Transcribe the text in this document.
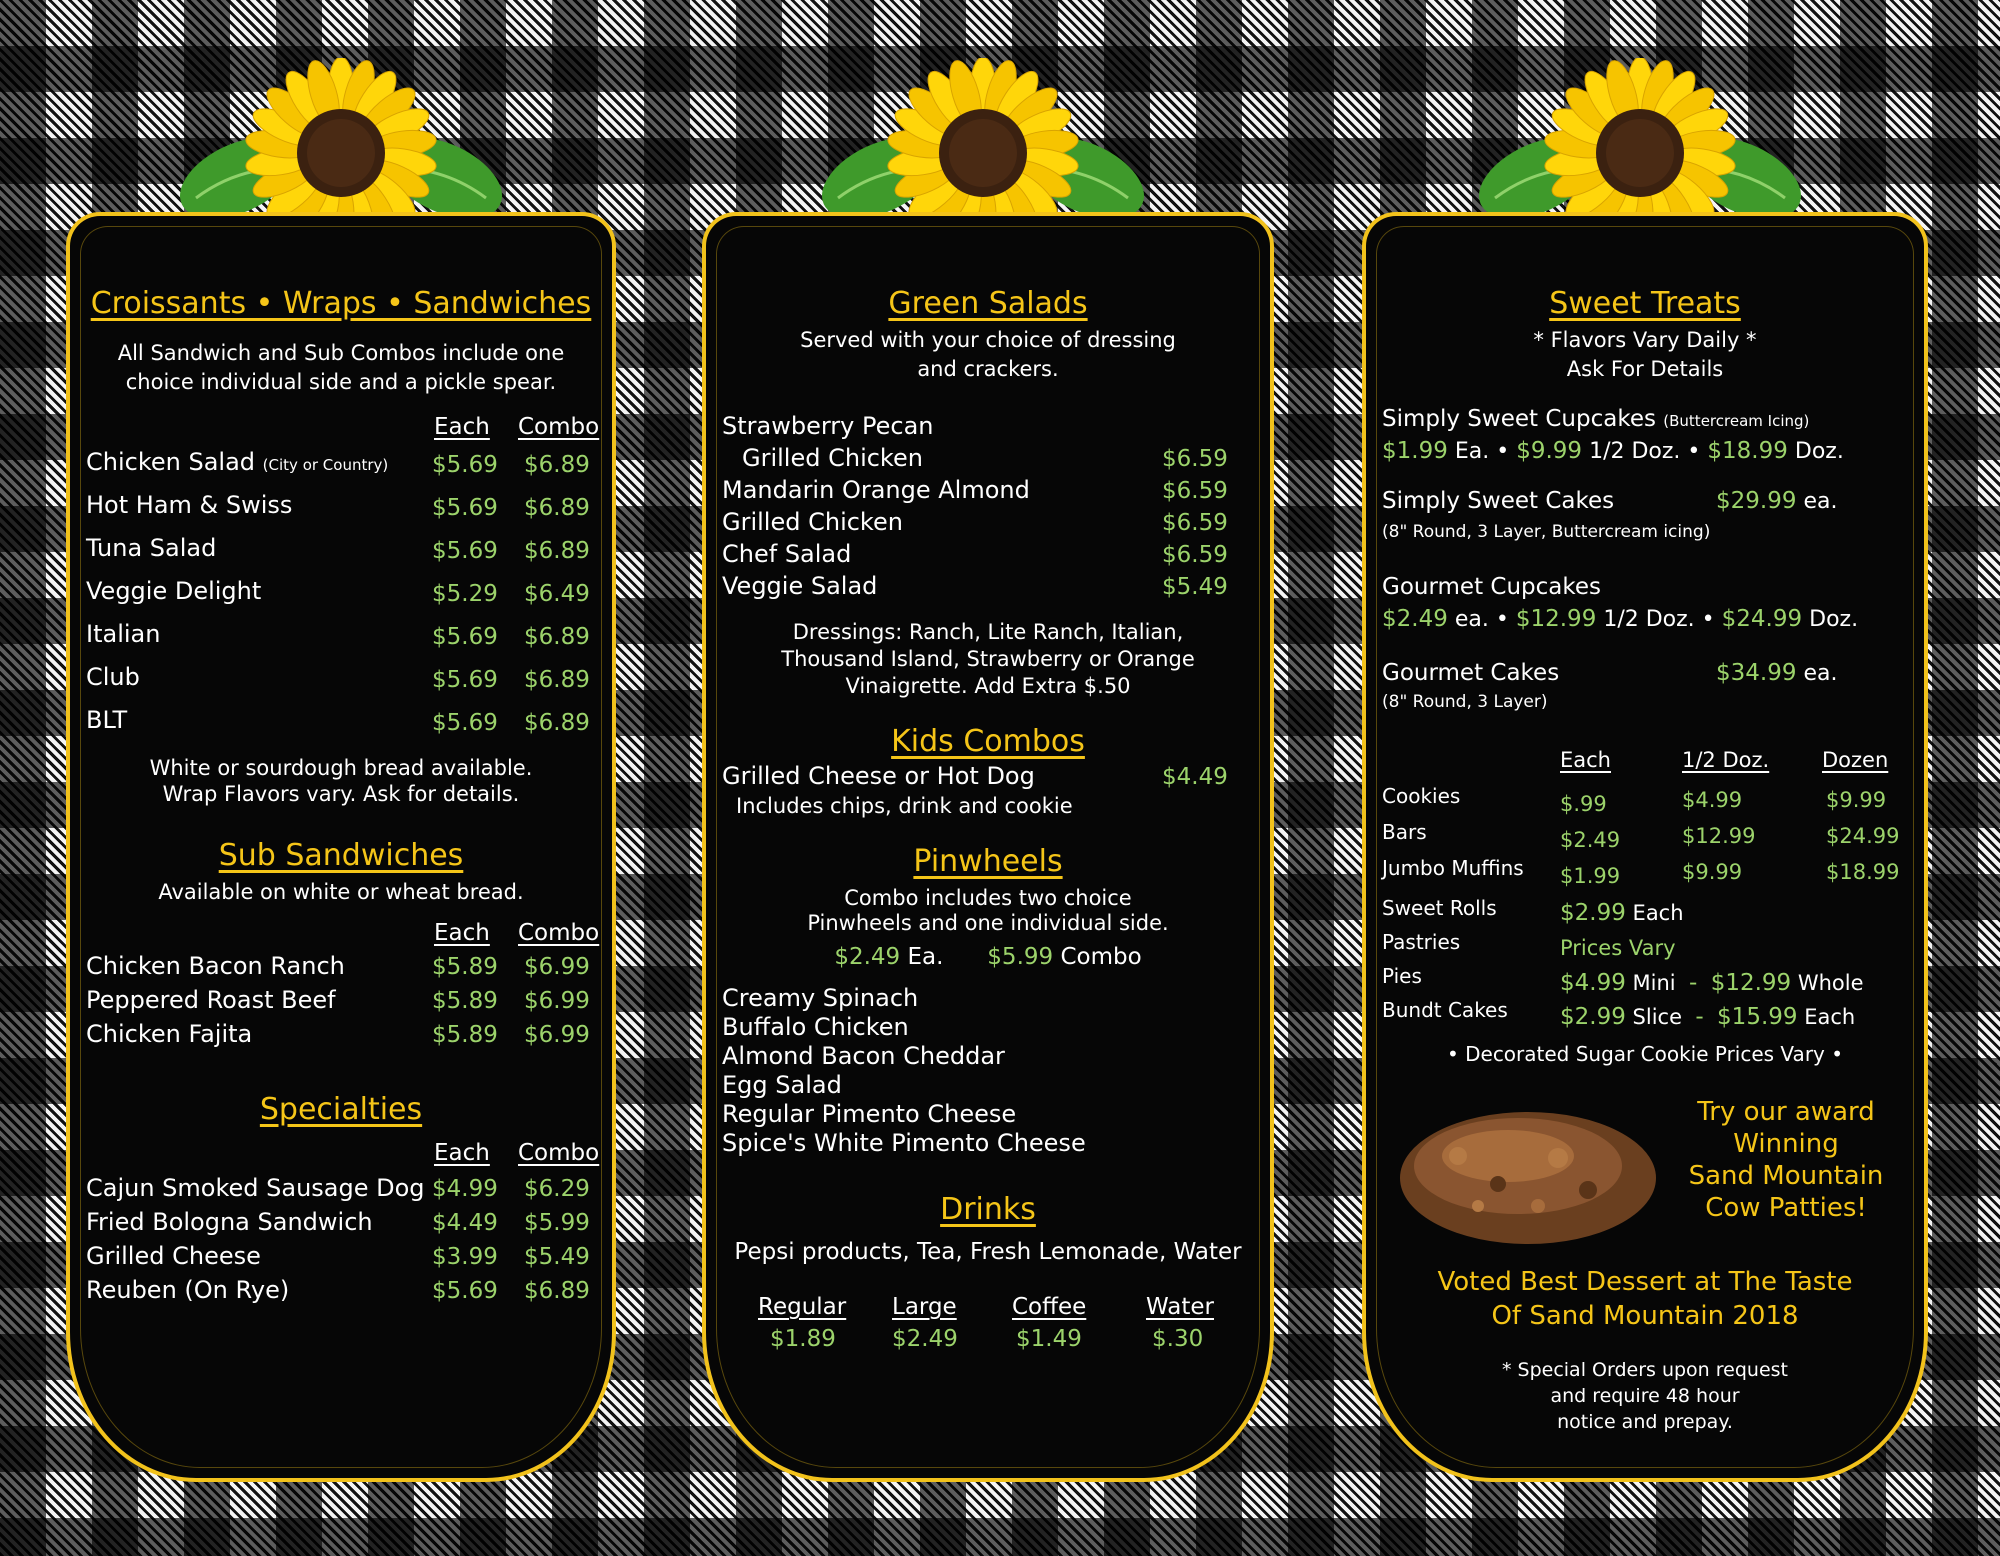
Croissants • Wraps • Sandwiches
All Sandwich and Sub Combos include one
choice individual side and a pickle spear.
Each Combo
Chicken Salad (City or Country) $5.69 $6.89
Hot Ham & Swiss	$5.69 $6.89
Tuna Salad	$5.69 $6.89
Veggie Delight	$5.29 $6.49
Italian	$5.69 $6.89
Club	$5.69 $6.89
BLT	$5.69 $6.89
White or sourdough bread available.
Wrap Flavors vary. Ask for details.
Sub Sandwiches
Available on white or wheat bread.
Each Combo
Chicken Bacon Ranch	$5.89 $6.99
Peppered Roast Beef	$5.89 $6.99
Chicken Fajita	$5.89 $6.99
Specialties
Each Combo
Cajun Smoked Sausage Dog $4.99 $6.29
Fried Bologna Sandwich	$4.49 $5.99
Grilled Cheese	$3.99 $5.49
Reuben (On Rye)	$5.69 $6.89
Green Salads
Served with your choice of dressing
and crackers.
Strawberry Pecan
Grilled Chicken	$6.59
Mandarin Orange Almond	$6.59
Grilled Chicken	$6.59
Chef Salad	$6.59
Veggie Salad	$5.49
Dressings: Ranch, Lite Ranch, Italian,
Thousand Island, Strawberry or Orange
Vinaigrette. Add Extra $.50
Kids Combos
Grilled Cheese or Hot Dog	$4.49
Includes chips, drink and cookie
Pinwheels
Combo includes two choice
Pinwheels and one individual side.
$2.49 Ea. $5.99 Combo
Creamy Spinach
Buffalo Chicken
Almond Bacon Cheddar
Egg Salad
Regular Pimento Cheese
Spice's White Pimento Cheese
Drinks
Pepsi products, Tea, Fresh Lemonade, Water
Regular
$1.89
Large
$2.49
Coffee
$1.49
Water
$.30
Sweet Treats
* Flavors Vary Daily *
Ask For Details
Simply Sweet Cupcakes (Buttercream Icing)
$1.99 Ea. • $9.99 1/2 Doz. • $18.99 Doz.
Simply Sweet Cakes	$29.99 ea.
(8" Round, 3 Layer, Buttercream icing)
Gourmet Cupcakes
$2.49 ea. • $12.99 1/2 Doz. • $24.99 Doz.
Gourmet Cakes	$34.99 ea.
(8" Round, 3 Layer)
Each	1/2 Doz.	Dozen
Cookies	$.99	$4.99	$9.99
Bars	$2.49	$12.99	$24.99
Jumbo Muffins $1.99	$9.99	$18.99
Sweet Rolls	$2.99 Each
Pastries	Prices Vary
Pies	$4.99 Mini - $12.99 Whole
Bundt Cakes $2.99 Slice - $15.99 Each
• Decorated Sugar Cookie Prices Vary •
Try our award
Winning
Sand Mountain
Cow Patties!
Voted Best Dessert at The Taste
Of Sand Mountain 2018
* Special Orders upon request
and require 48 hour
notice and prepay.
